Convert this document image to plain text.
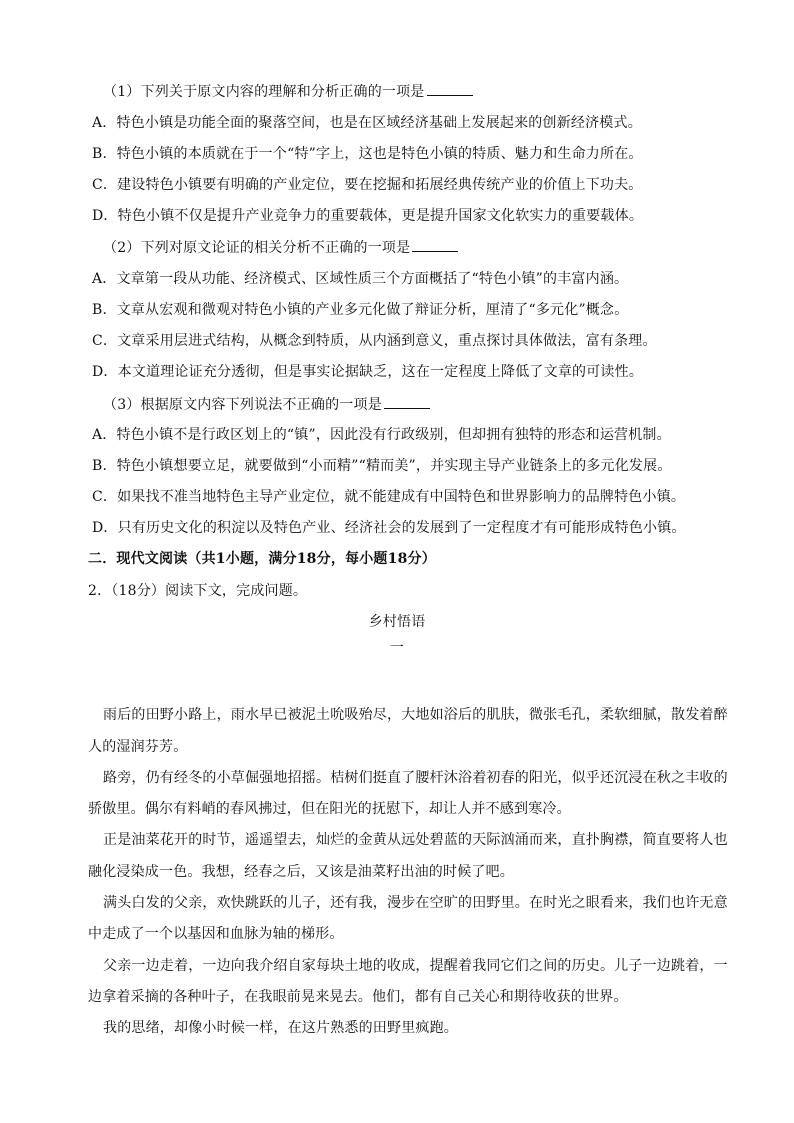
（1）下列关于原文内容的理解和分析正确的一项是
A．特色小镇是功能全面的聚落空间，也是在区域经济基础上发展起来的创新经济模式。
B．特色小镇的本质就在于一个“特”字上，这也是特色小镇的特质、魅力和生命力所在。
C．建设特色小镇要有明确的产业定位，要在挖掘和拓展经典传统产业的价值上下功夫。
D．特色小镇不仅是提升产业竞争力的重要载体，更是提升国家文化软实力的重要载体。
（2）下列对原文论证的相关分析不正确的一项是
A．文章第一段从功能、经济模式、区域性质三个方面概括了“特色小镇”的丰富内涵。
B．文章从宏观和微观对特色小镇的产业多元化做了辩证分析，厘清了“多元化”概念。
C．文章采用层进式结构，从概念到特质，从内涵到意义，重点探讨具体做法，富有条理。
D．本文道理论证充分透彻，但是事实论据缺乏，这在一定程度上降低了文章的可读性。
（3）根据原文内容下列说法不正确的一项是
A．特色小镇不是行政区划上的“镇”，因此没有行政级别，但却拥有独特的形态和运营机制。
B．特色小镇想要立足，就要做到“小而精”“精而美”，并实现主导产业链条上的多元化发展。
C．如果找不准当地特色主导产业定位，就不能建成有中国特色和世界影响力的品牌特色小镇。
D．只有历史文化的积淀以及特色产业、经济社会的发展到了一定程度才有可能形成特色小镇。
二．现代文阅读（共1小题，满分18分，每小题18分）
2．（18分）阅读下文，完成问题。
乡村悟语
一
雨后的田野小路上，雨水早已被泥土吮吸殆尽，大地如浴后的肌肤，微张毛孔，柔软细腻，散发着醉
人的湿润芬芳。
路旁，仍有经冬的小草倔强地招摇。桔树们挺直了腰杆沐浴着初春的阳光，似乎还沉浸在秋之丰收的
骄傲里。偶尔有料峭的春风拂过，但在阳光的抚慰下，却让人并不感到寒冷。
正是油菜花开的时节，遥遥望去，灿烂的金黄从远处碧蓝的天际汹涌而来，直扑胸襟，简直要将人也
融化浸染成一色。我想，经春之后，又该是油菜籽出油的时候了吧。
满头白发的父亲，欢快跳跃的儿子，还有我，漫步在空旷的田野里。在时光之眼看来，我们也许无意
中走成了一个以基因和血脉为轴的梯形。
父亲一边走着，一边向我介绍自家每块土地的收成，提醒着我同它们之间的历史。儿子一边跳着，一
边拿着采摘的各种叶子，在我眼前晃来晃去。他们，都有自己关心和期待收获的世界。
我的思绪，却像小时候一样，在这片熟悉的田野里疯跑。
